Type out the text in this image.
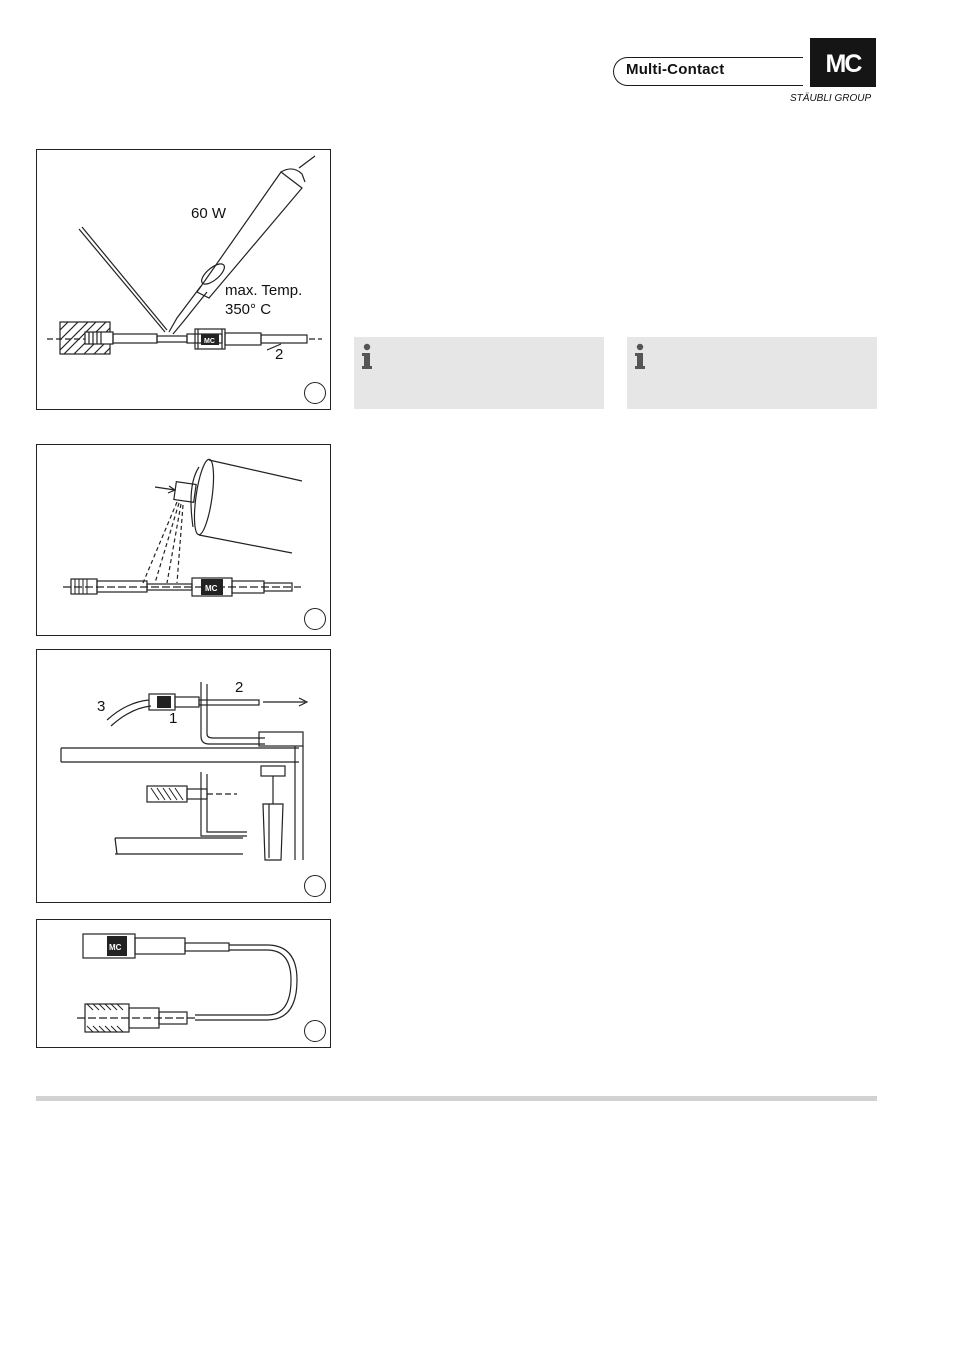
Multi-Contact	MC
STÄUBLI GROUP
MC
60 W
max. Temp.
350° C
2
MC
3
1
2
MC
